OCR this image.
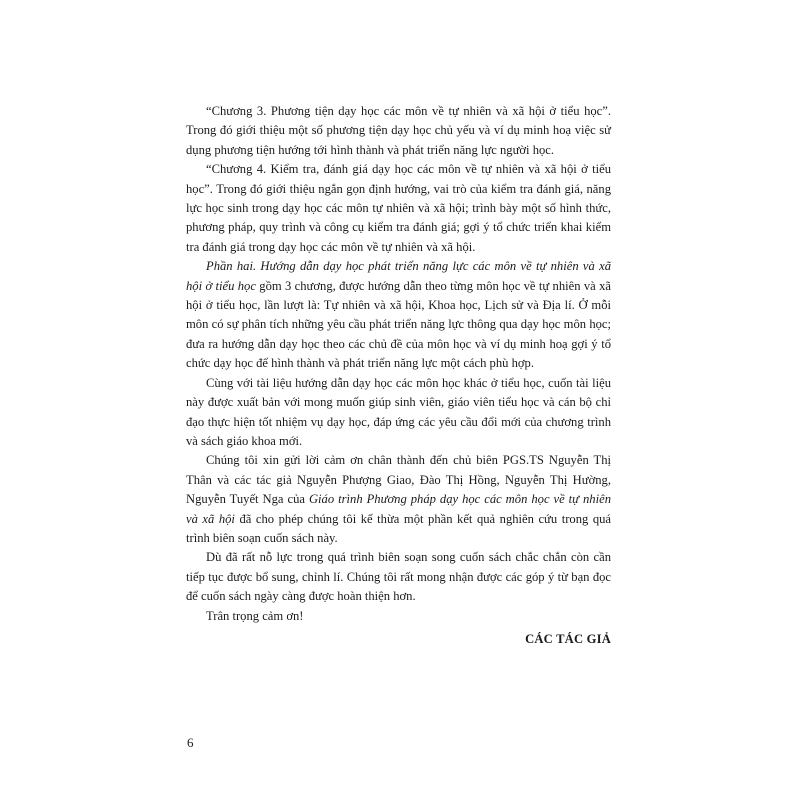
“Chương 3. Phương tiện dạy học các môn về tự nhiên và xã hội ở tiểu học”. Trong đó giới thiệu một số phương tiện dạy học chủ yếu và ví dụ minh hoạ việc sử dụng phương tiện hướng tới hình thành và phát triển năng lực người học.

“Chương 4. Kiểm tra, đánh giá dạy học các môn về tự nhiên và xã hội ở tiểu học”. Trong đó giới thiệu ngắn gọn định hướng, vai trò của kiểm tra đánh giá, năng lực học sinh trong dạy học các môn tự nhiên và xã hội; trình bày một số hình thức, phương pháp, quy trình và công cụ kiểm tra đánh giá; gợi ý tổ chức triển khai kiểm tra đánh giá trong dạy học các môn về tự nhiên và xã hội.

Phần hai. Hướng dẫn dạy học phát triển năng lực các môn về tự nhiên và xã hội ở tiểu học gồm 3 chương, được hướng dẫn theo từng môn học về tự nhiên và xã hội ở tiểu học, lần lượt là: Tự nhiên và xã hội, Khoa học, Lịch sử và Địa lí. Ở mỗi môn có sự phân tích những yêu cầu phát triển năng lực thông qua dạy học môn học; đưa ra hướng dẫn dạy học theo các chủ đề của môn học và ví dụ minh hoạ gợi ý tổ chức dạy học để hình thành và phát triển năng lực một cách phù hợp.

Cùng với tài liệu hướng dẫn dạy học các môn học khác ở tiểu học, cuốn tài liệu này được xuất bản với mong muốn giúp sinh viên, giáo viên tiểu học và cán bộ chỉ đạo thực hiện tốt nhiệm vụ dạy học, đáp ứng các yêu cầu đổi mới của chương trình và sách giáo khoa mới.

Chúng tôi xin gửi lời cảm ơn chân thành đến chủ biên PGS.TS Nguyễn Thị Thân và các tác giả Nguyễn Phượng Giao, Đào Thị Hồng, Nguyễn Thị Hường, Nguyễn Tuyết Nga của Giáo trình Phương pháp dạy học các môn học về tự nhiên và xã hội đã cho phép chúng tôi kế thừa một phần kết quả nghiên cứu trong quá trình biên soạn cuốn sách này.

Dù đã rất nỗ lực trong quá trình biên soạn song cuốn sách chắc chắn còn cần tiếp tục được bổ sung, chỉnh lí. Chúng tôi rất mong nhận được các góp ý từ bạn đọc để cuốn sách ngày càng được hoàn thiện hơn.

Trân trọng cảm ơn!

CÁC TÁC GIẢ

6
